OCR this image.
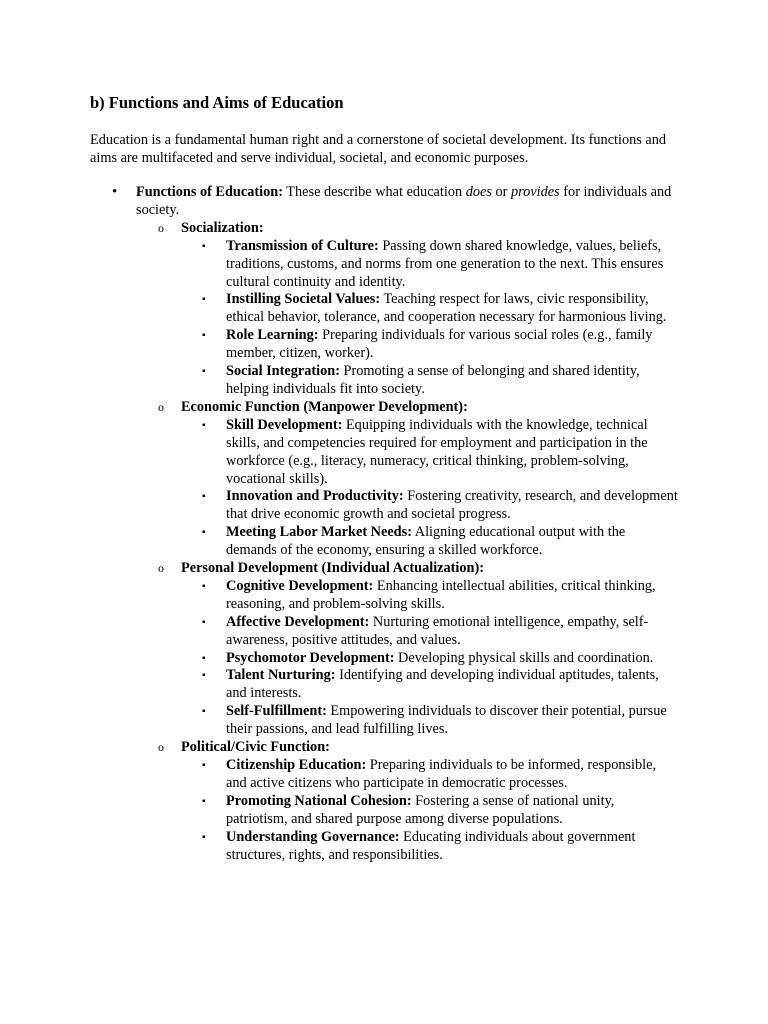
b) Functions and Aims of Education

Education is a fundamental human right and a cornerstone of societal development. Its functions and aims are multifaceted and serve individual, societal, and economic purposes.

• Functions of Education: These describe what education does or provides for individuals and society.
o Socialization:
▪ Transmission of Culture: Passing down shared knowledge, values, beliefs, traditions, customs, and norms from one generation to the next. This ensures cultural continuity and identity.
▪ Instilling Societal Values: Teaching respect for laws, civic responsibility, ethical behavior, tolerance, and cooperation necessary for harmonious living.
▪ Role Learning: Preparing individuals for various social roles (e.g., family member, citizen, worker).
▪ Social Integration: Promoting a sense of belonging and shared identity, helping individuals fit into society.
o Economic Function (Manpower Development):
▪ Skill Development: Equipping individuals with the knowledge, technical skills, and competencies required for employment and participation in the workforce (e.g., literacy, numeracy, critical thinking, problem-solving, vocational skills).
▪ Innovation and Productivity: Fostering creativity, research, and development that drive economic growth and societal progress.
▪ Meeting Labor Market Needs: Aligning educational output with the demands of the economy, ensuring a skilled workforce.
o Personal Development (Individual Actualization):
▪ Cognitive Development: Enhancing intellectual abilities, critical thinking, reasoning, and problem-solving skills.
▪ Affective Development: Nurturing emotional intelligence, empathy, self-awareness, positive attitudes, and values.
▪ Psychomotor Development: Developing physical skills and coordination.
▪ Talent Nurturing: Identifying and developing individual aptitudes, talents, and interests.
▪ Self-Fulfillment: Empowering individuals to discover their potential, pursue their passions, and lead fulfilling lives.
o Political/Civic Function:
▪ Citizenship Education: Preparing individuals to be informed, responsible, and active citizens who participate in democratic processes.
▪ Promoting National Cohesion: Fostering a sense of national unity, patriotism, and shared purpose among diverse populations.
▪ Understanding Governance: Educating individuals about government structures, rights, and responsibilities.
